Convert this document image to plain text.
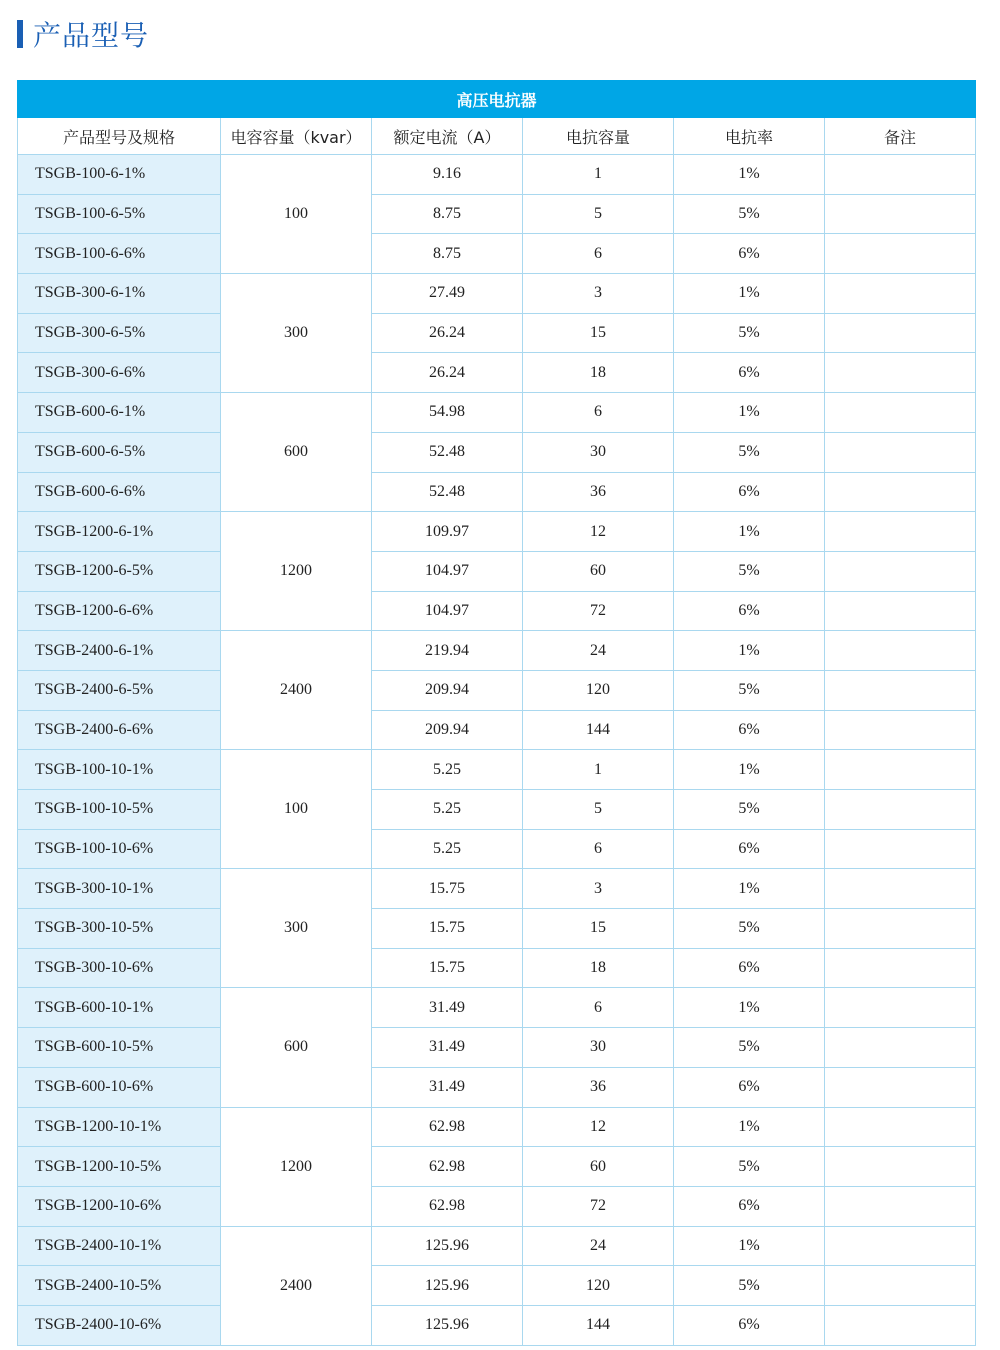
产品型号
高压电抗器					
产品型号及规格	电容容量（kvar）	额定电流（A）	电抗容量	电抗率	备注
TSGB-100-6-1%	100	9.16	1	1%	
TSGB-100-6-5%		8.75	5	5%	
TSGB-100-6-6%		8.75	6	6%	
TSGB-300-6-1%	300	27.49	3	1%	
TSGB-300-6-5%		26.24	15	5%	
TSGB-300-6-6%		26.24	18	6%	
TSGB-600-6-1%	600	54.98	6	1%	
TSGB-600-6-5%		52.48	30	5%	
TSGB-600-6-6%		52.48	36	6%	
TSGB-1200-6-1%	1200	109.97	12	1%	
TSGB-1200-6-5%		104.97	60	5%	
TSGB-1200-6-6%		104.97	72	6%	
TSGB-2400-6-1%	2400	219.94	24	1%	
TSGB-2400-6-5%		209.94	120	5%	
TSGB-2400-6-6%		209.94	144	6%	
TSGB-100-10-1%	100	5.25	1	1%	
TSGB-100-10-5%		5.25	5	5%	
TSGB-100-10-6%		5.25	6	6%	
TSGB-300-10-1%	300	15.75	3	1%	
TSGB-300-10-5%		15.75	15	5%	
TSGB-300-10-6%		15.75	18	6%	
TSGB-600-10-1%	600	31.49	6	1%	
TSGB-600-10-5%		31.49	30	5%	
TSGB-600-10-6%		31.49	36	6%	
TSGB-1200-10-1%	1200	62.98	12	1%	
TSGB-1200-10-5%		62.98	60	5%	
TSGB-1200-10-6%		62.98	72	6%	
TSGB-2400-10-1%	2400	125.96	24	1%	
TSGB-2400-10-5%		125.96	120	5%	
TSGB-2400-10-6%		125.96	144	6%	
